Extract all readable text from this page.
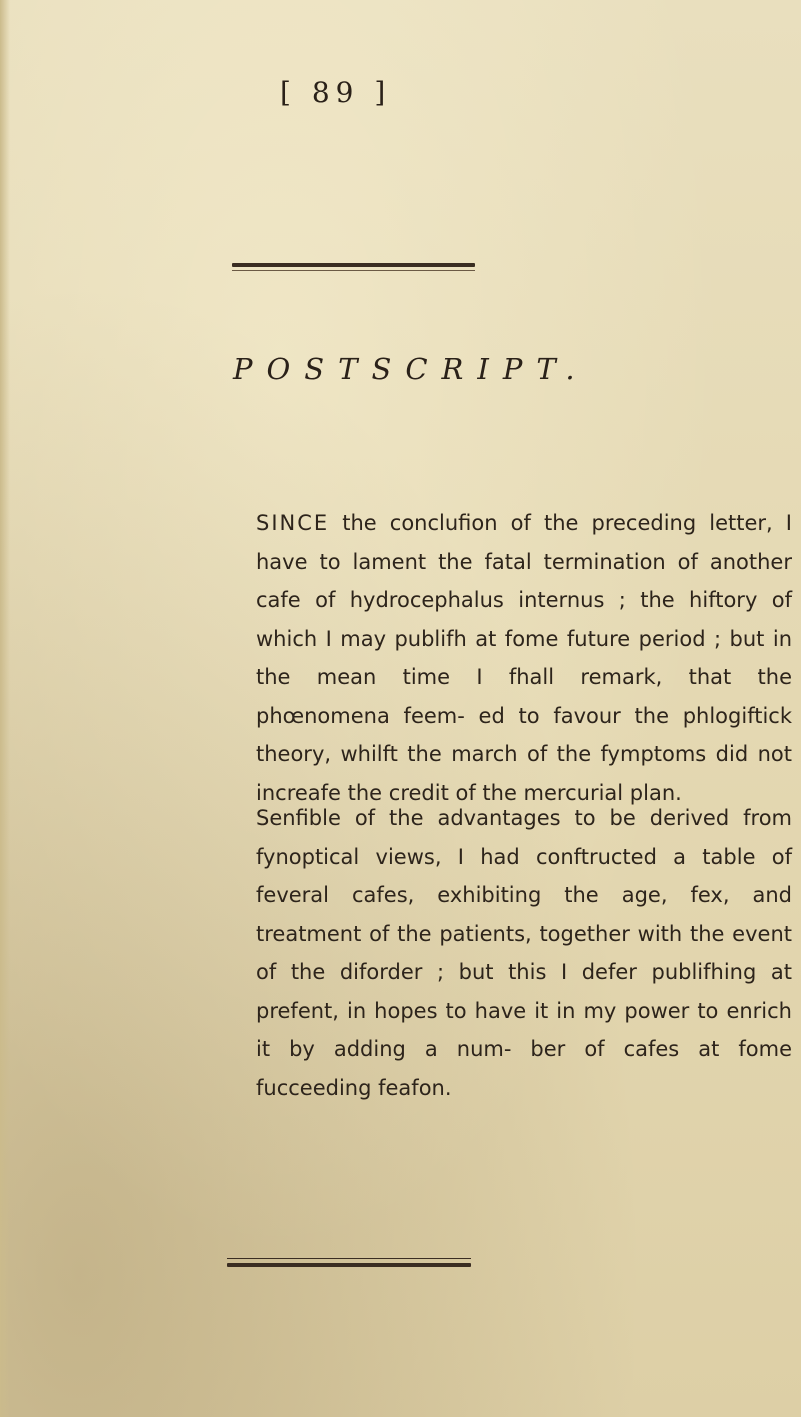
[ 89 ]
POSTSCRIPT.

SINCE the conclufion of the preceding letter, I have to lament the fatal termination of another cafe of hydrocephalus internus ; the hiftory of which I may publifh at fome future period ; but in the mean time I fhall remark, that the phœnomena feem- ed to favour the phlogiftick theory, whilft the march of the fymptoms did not increafe the credit of the mercurial plan.

Senfible of the advantages to be derived from fynoptical views, I had conftructed a table of feveral cafes, exhibiting the age, fex, and treatment of the patients, together with the event of the diforder ; but this I defer publifhing at prefent, in hopes to have it in my power to enrich it by adding a num- ber of cafes at fome fucceeding feafon.
